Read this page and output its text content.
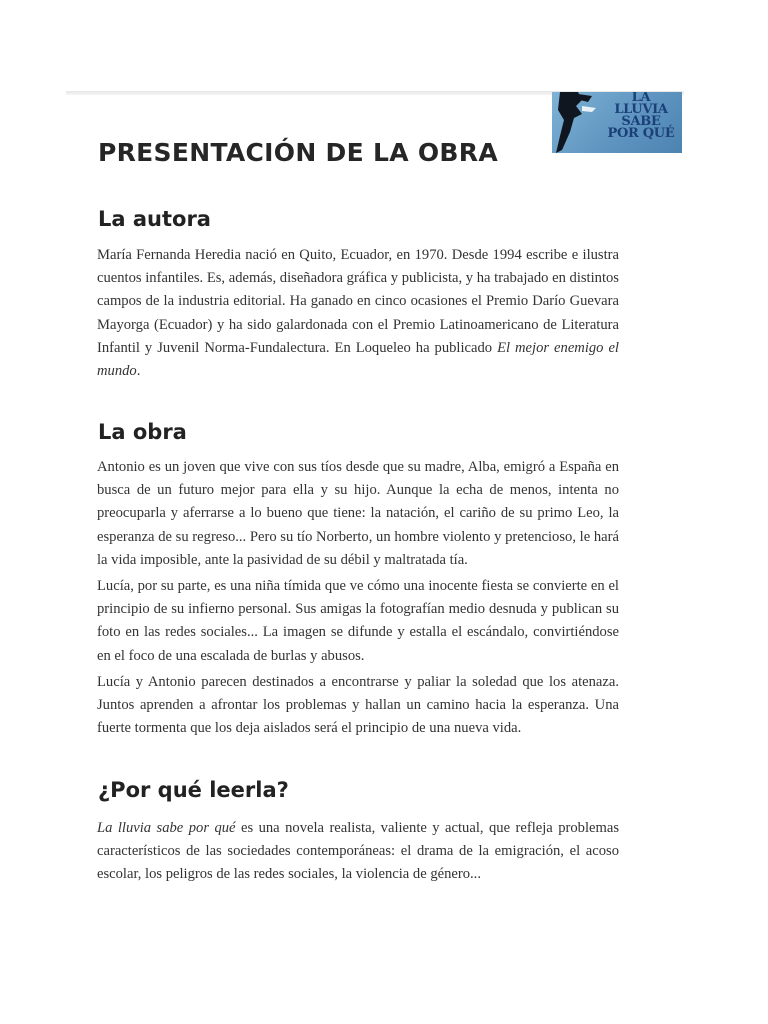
LA
LLUVIA
SABE
POR QUÉ
PRESENTACIÓN DE LA OBRA
La autora

María Fernanda Heredia nació en Quito, Ecuador, en 1970. Desde 1994 escribe e ilustra cuentos infantiles. Es, además, diseñadora gráfica y publicista, y ha trabajado en distintos campos de la industria editorial. Ha ganado en cinco ocasiones el Premio Darío Guevara Mayorga (Ecuador) y ha sido galardonada con el Premio Latinoamericano de Literatura Infantil y Juvenil Norma-Fundalectura. En Loqueleo ha publicado El mejor enemigo el mundo.

La obra

Antonio es un joven que vive con sus tíos desde que su madre, Alba, emigró a España en busca de un futuro mejor para ella y su hijo. Aunque la echa de menos, intenta no preocuparla y aferrarse a lo bueno que tiene: la natación, el cariño de su primo Leo, la esperanza de su regreso... Pero su tío Norberto, un hombre violento y pretencioso, le hará la vida imposible, ante la pasividad de su débil y maltratada tía.

Lucía, por su parte, es una niña tímida que ve cómo una inocente fiesta se convierte en el principio de su infierno personal. Sus amigas la fotografían medio desnuda y publican su foto en las redes sociales... La imagen se difunde y estalla el escándalo, convirtiéndose en el foco de una escalada de burlas y abusos.

Lucía y Antonio parecen destinados a encontrarse y paliar la soledad que los atenaza. Juntos aprenden a afrontar los problemas y hallan un camino hacia la esperanza. Una fuerte tormenta que los deja aislados será el principio de una nueva vida.

¿Por qué leerla?

La lluvia sabe por qué es una novela realista, valiente y actual, que refleja problemas característicos de las sociedades contemporáneas: el drama de la emigración, el acoso escolar, los peligros de las redes sociales, la violencia de género...
